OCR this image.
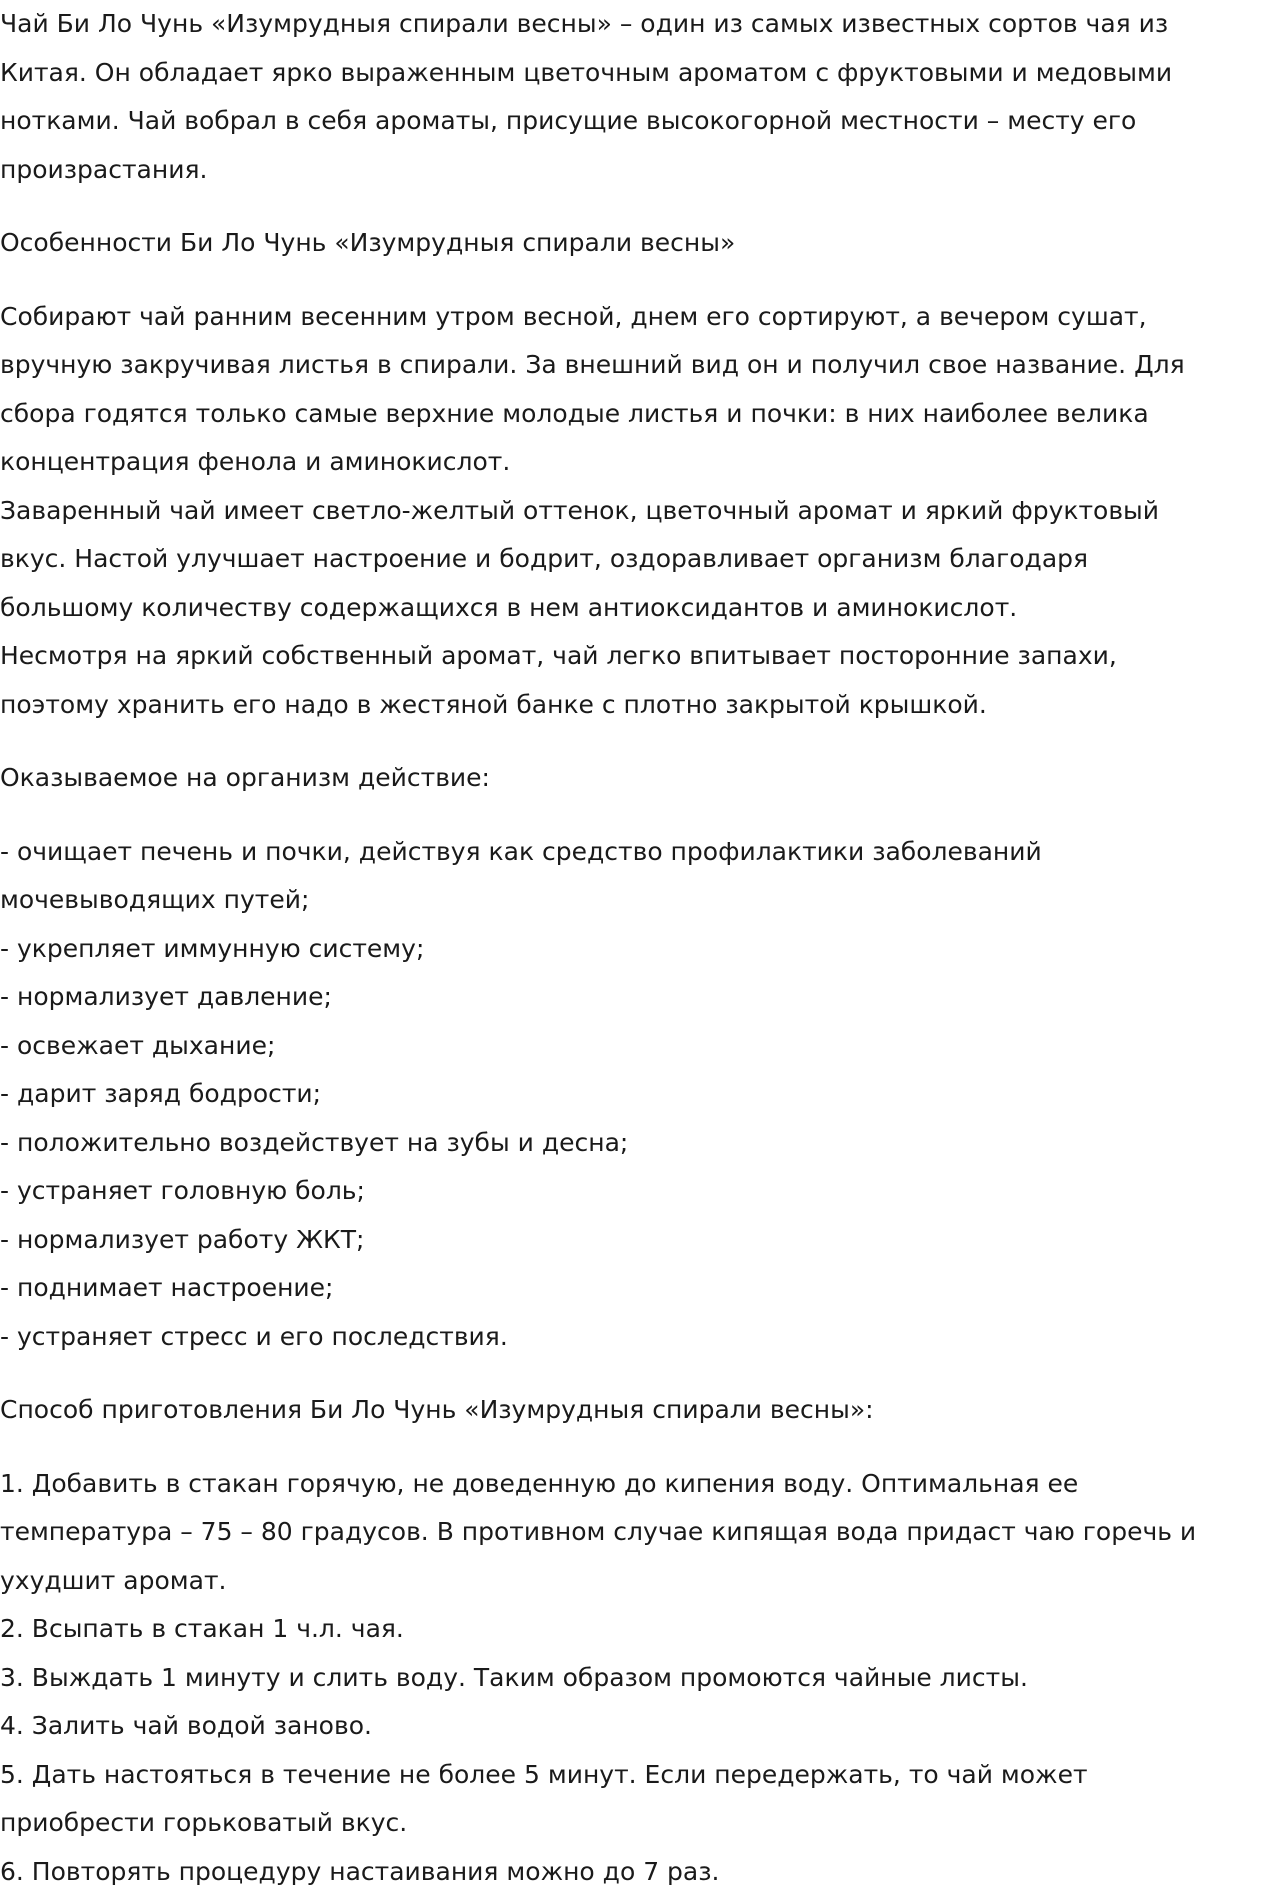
Чай Би Ло Чунь «Изумрудныя спирали весны» – один из самых известных сортов чая из
Китая. Он обладает ярко выраженным цветочным ароматом с фруктовыми и медовыми
нотками. Чай вобрал в себя ароматы, присущие высокогорной местности – месту его
произрастания.

Особенности Би Ло Чунь «Изумрудныя спирали весны»

Собирают чай ранним весенним утром весной, днем его сортируют, а вечером сушат,
вручную закручивая листья в спирали. За внешний вид он и получил свое название. Для
сбора годятся только самые верхние молодые листья и почки: в них наиболее велика
концентрация фенола и аминокислот.
Заваренный чай имеет светло-желтый оттенок, цветочный аромат и яркий фруктовый
вкус. Настой улучшает настроение и бодрит, оздоравливает организм благодаря
большому количеству содержащихся в нем антиоксидантов и аминокислот.
Несмотря на яркий собственный аромат, чай легко впитывает посторонние запахи,
поэтому хранить его надо в жестяной банке с плотно закрытой крышкой.

Оказываемое на организм действие:

- очищает печень и почки, действуя как средство профилактики заболеваний
мочевыводящих путей;
- укрепляет иммунную систему;
- нормализует давление;
- освежает дыхание;
- дарит заряд бодрости;
- положительно воздействует на зубы и десна;
- устраняет головную боль;
- нормализует работу ЖКТ;
- поднимает настроение;
- устраняет стресс и его последствия.

Способ приготовления Би Ло Чунь «Изумрудныя спирали весны»:

1. Добавить в стакан горячую, не доведенную до кипения воду. Оптимальная ее
температура – 75 – 80 градусов. В противном случае кипящая вода придаст чаю горечь и
ухудшит аромат.
2. Всыпать в стакан 1 ч.л. чая.
3. Выждать 1 минуту и слить воду. Таким образом промоются чайные листы.
4. Залить чай водой заново.
5. Дать настояться в течение не более 5 минут. Если передержать, то чай может
приобрести горьковатый вкус.
6. Повторять процедуру настаивания можно до 7 раз.
